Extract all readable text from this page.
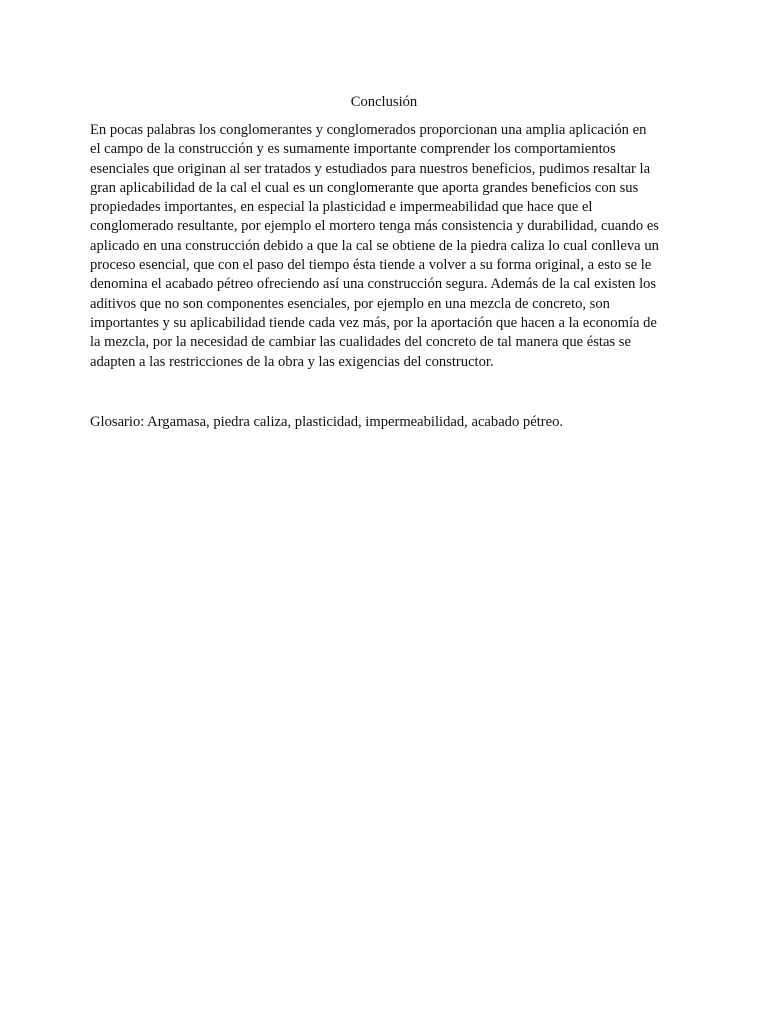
Conclusión

En pocas palabras los conglomerantes y conglomerados proporcionan una amplia aplicación en
el campo de la construcción y es sumamente importante comprender los comportamientos
esenciales que originan al ser tratados y estudiados para nuestros beneficios, pudimos resaltar la
gran aplicabilidad de la cal el cual es un conglomerante que aporta grandes beneficios con sus
propiedades importantes, en especial la plasticidad e impermeabilidad que hace que el
conglomerado resultante, por ejemplo el mortero tenga más consistencia y durabilidad, cuando es
aplicado en una construcción debido a que la cal se obtiene de la piedra caliza lo cual conlleva un
proceso esencial, que con el paso del tiempo ésta tiende a volver a su forma original, a esto se le
denomina el acabado pétreo ofreciendo así una construcción segura. Además de la cal existen los
aditivos que no son componentes esenciales, por ejemplo en una mezcla de concreto, son
importantes y su aplicabilidad tiende cada vez más, por la aportación que hacen a la economía de
la mezcla, por la necesidad de cambiar las cualidades del concreto de tal manera que éstas se
adapten a las restricciones de la obra y las exigencias del constructor.

Glosario: Argamasa, piedra caliza, plasticidad, impermeabilidad, acabado pétreo.
